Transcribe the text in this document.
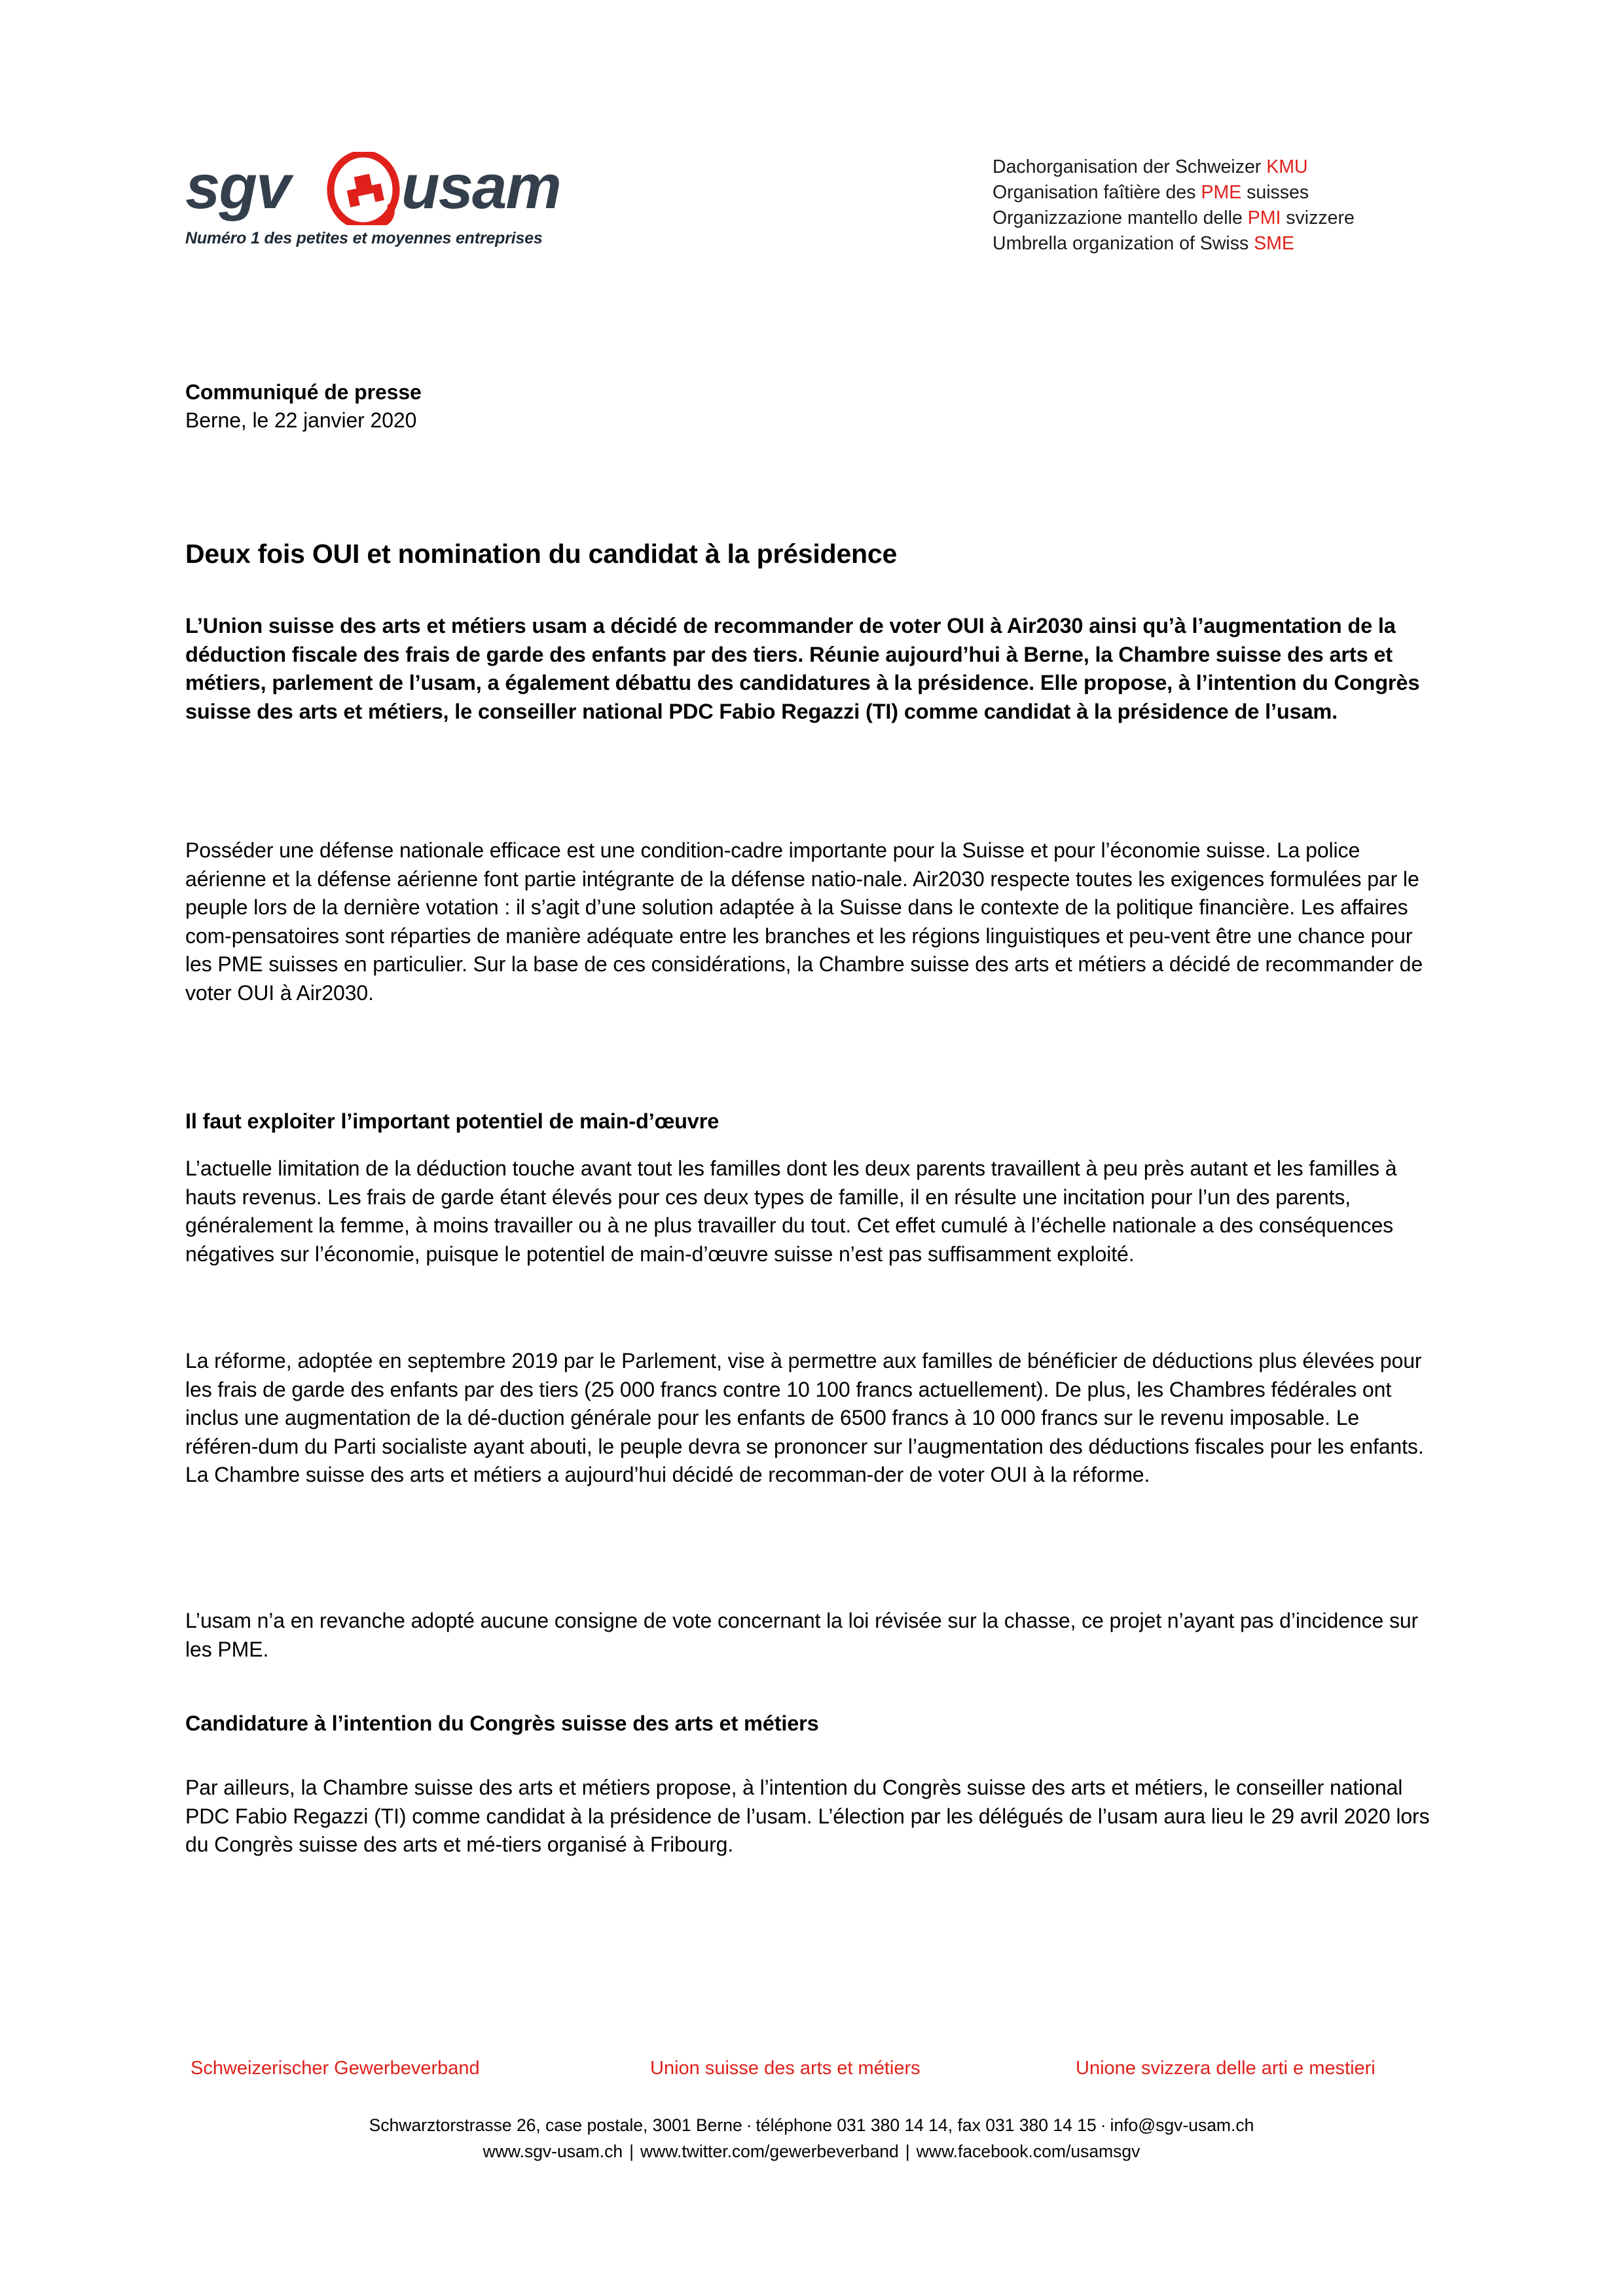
sgv usam
Numéro 1 des petites et moyennes entreprises
Dachorganisation der Schweizer KMU
Organisation faîtière des PME suisses
Organizzazione mantello delle PMI svizzere
Umbrella organization of Swiss SME
Communiqué de presse
Berne, le 22 janvier 2020
Deux fois OUI et nomination du candidat à la présidence

L’Union suisse des arts et métiers usam a décidé de recommander de voter OUI à Air2030 ainsi qu’à l’augmentation de la déduction fiscale des frais de garde des enfants par des tiers. Réunie aujourd’hui à Berne, la Chambre suisse des arts et métiers, parlement de l’usam, a également débattu des candidatures à la présidence. Elle propose, à l’intention du Congrès suisse des arts et métiers, le conseiller national PDC Fabio Regazzi (TI) comme candidat à la présidence de l’usam.

Posséder une défense nationale efficace est une condition-cadre importante pour la Suisse et pour l’économie suisse. La police aérienne et la défense aérienne font partie intégrante de la défense natio-nale. Air2030 respecte toutes les exigences formulées par le peuple lors de la dernière votation : il s’agit d’une solution adaptée à la Suisse dans le contexte de la politique financière. Les affaires com-pensatoires sont réparties de manière adéquate entre les branches et les régions linguistiques et peu-vent être une chance pour les PME suisses en particulier. Sur la base de ces considérations, la Chambre suisse des arts et métiers a décidé de recommander de voter OUI à Air2030.

Il faut exploiter l’important potentiel de main-d’œuvre

L’actuelle limitation de la déduction touche avant tout les familles dont les deux parents travaillent à peu près autant et les familles à hauts revenus. Les frais de garde étant élevés pour ces deux types de famille, il en résulte une incitation pour l’un des parents, généralement la femme, à moins travailler ou à ne plus travailler du tout. Cet effet cumulé à l’échelle nationale a des conséquences négatives sur l’économie, puisque le potentiel de main-d’œuvre suisse n’est pas suffisamment exploité.

La réforme, adoptée en septembre 2019 par le Parlement, vise à permettre aux familles de bénéficier de déductions plus élevées pour les frais de garde des enfants par des tiers (25 000 francs contre 10 100 francs actuellement). De plus, les Chambres fédérales ont inclus une augmentation de la dé-duction générale pour les enfants de 6500 francs à 10 000 francs sur le revenu imposable. Le référen-dum du Parti socialiste ayant abouti, le peuple devra se prononcer sur l’augmentation des déductions fiscales pour les enfants. La Chambre suisse des arts et métiers a aujourd’hui décidé de recomman-der de voter OUI à la réforme.

L’usam n’a en revanche adopté aucune consigne de vote concernant la loi révisée sur la chasse, ce projet n’ayant pas d’incidence sur les PME.

Candidature à l’intention du Congrès suisse des arts et métiers

Par ailleurs, la Chambre suisse des arts et métiers propose, à l’intention du Congrès suisse des arts et métiers, le conseiller national PDC Fabio Regazzi (TI) comme candidat à la présidence de l’usam. L’élection par les délégués de l’usam aura lieu le 29 avril 2020 lors du Congrès suisse des arts et mé-tiers organisé à Fribourg.

Schweizerischer Gewerbeverband	Union suisse des arts et métiers	Unione svizzera delle arti e mestieri
Schwarztorstrasse 26, case postale, 3001 Berne · téléphone 031 380 14 14, fax 031 380 14 15 · info@sgv-usam.ch
www.sgv-usam.ch | www.twitter.com/gewerbeverband | www.facebook.com/usamsgv
